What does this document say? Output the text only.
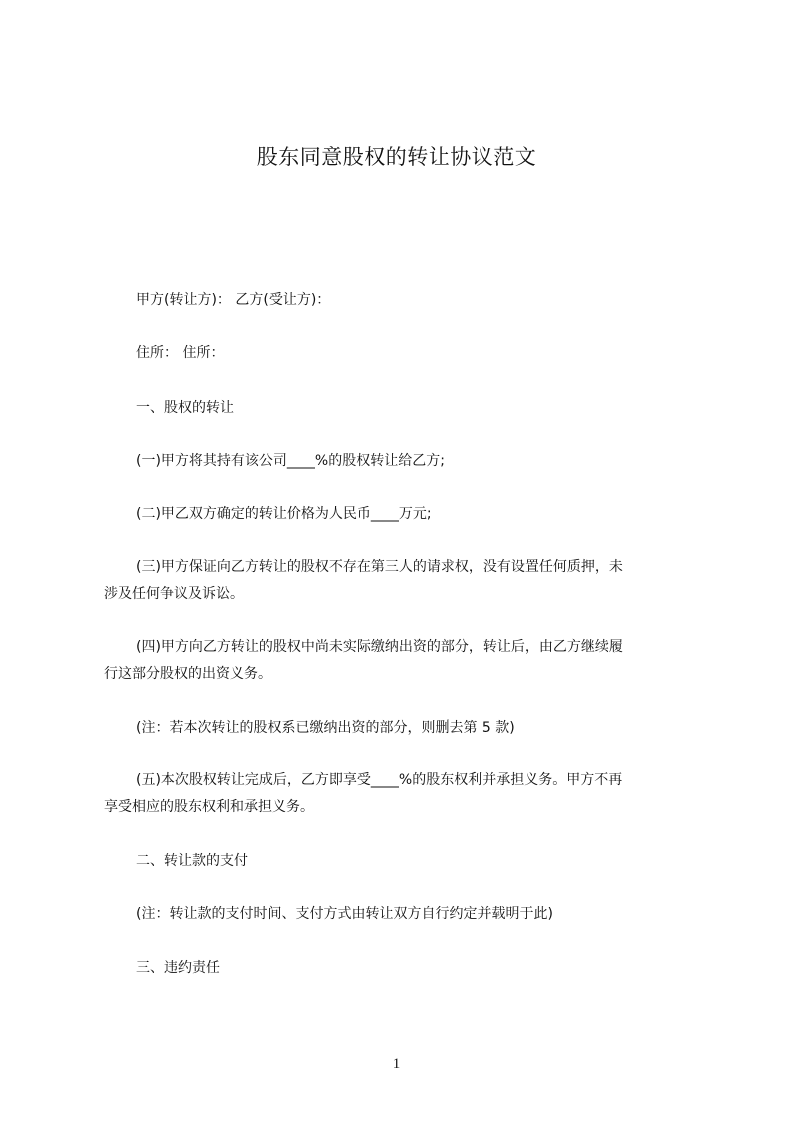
股东同意股权的转让协议范文
甲方(转让方)： 乙方(受让方)：
住所： 住所：
一、股权的转让
(一)甲方将其持有该公司____%的股权转让给乙方;
(二)甲乙双方确定的转让价格为人民币____万元;
(三)甲方保证向乙方转让的股权不存在第三人的请求权，没有设置任何质押，未
涉及任何争议及诉讼。
(四)甲方向乙方转让的股权中尚未实际缴纳出资的部分，转让后，由乙方继续履
行这部分股权的出资义务。
(注：若本次转让的股权系已缴纳出资的部分，则删去第 5 款)
(五)本次股权转让完成后，乙方即享受____%的股东权利并承担义务。甲方不再
享受相应的股东权利和承担义务。
二、转让款的支付
(注：转让款的支付时间、支付方式由转让双方自行约定并载明于此)
三、违约责任
1
